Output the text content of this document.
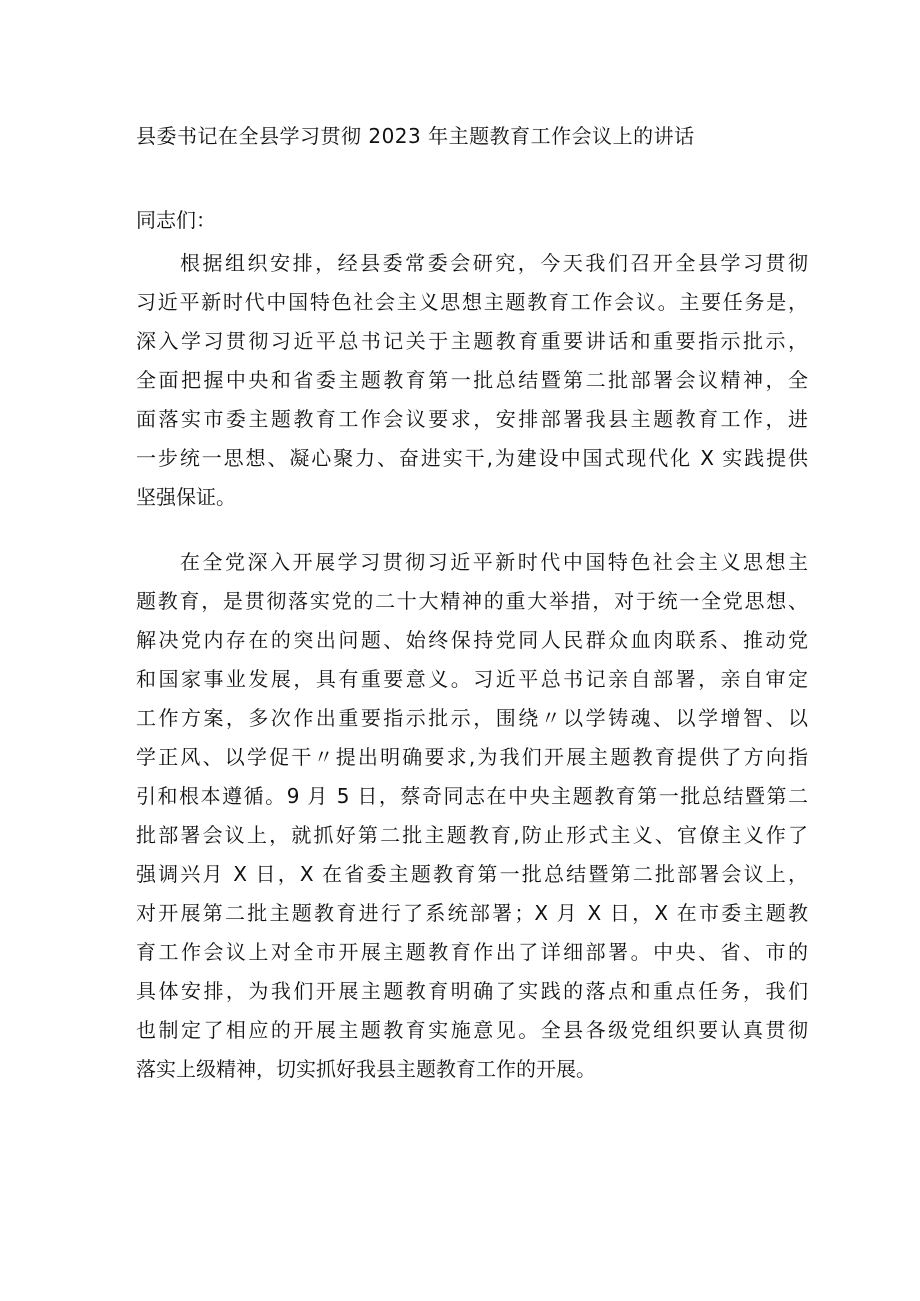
县委书记在全县学习贯彻 2023 年主题教育工作会议上的讲话
同志们：
根据组织安排，经县委常委会研究，今天我们召开全县学习贯彻
习近平新时代中国特色社会主义思想主题教育工作会议。主要任务是，
深入学习贯彻习近平总书记关于主题教育重要讲话和重要指示批示，
全面把握中央和省委主题教育第一批总结暨第二批部署会议精神，全
面落实市委主题教育工作会议要求，安排部署我县主题教育工作，进
一步统一思想、凝心聚力、奋进实干,为建设中国式现代化 X 实践提供
坚强保证。
在全党深入开展学习贯彻习近平新时代中国特色社会主义思想主
题教育，是贯彻落实党的二十大精神的重大举措，对于统一全党思想、
解决党内存在的突出问题、始终保持党同人民群众血肉联系、推动党
和国家事业发展，具有重要意义。习近平总书记亲自部署，亲自审定
工作方案，多次作出重要指示批示，围绕〃以学铸魂、以学增智、以
学正风、以学促干〃提出明确要求,为我们开展主题教育提供了方向指
引和根本遵循。9 月 5 日，蔡奇同志在中央主题教育第一批总结暨第二
批部署会议上，就抓好第二批主题教育,防止形式主义、官僚主义作了
强调兴月 X 日，X 在省委主题教育第一批总结暨第二批部署会议上，
对开展第二批主题教育进行了系统部署；X 月 X 日，X 在市委主题教
育工作会议上对全市开展主题教育作出了详细部署。中央、省、市的
具体安排，为我们开展主题教育明确了实践的落点和重点任务，我们
也制定了相应的开展主题教育实施意见。全县各级党组织要认真贯彻
落实上级精神，切实抓好我县主题教育工作的开展。
